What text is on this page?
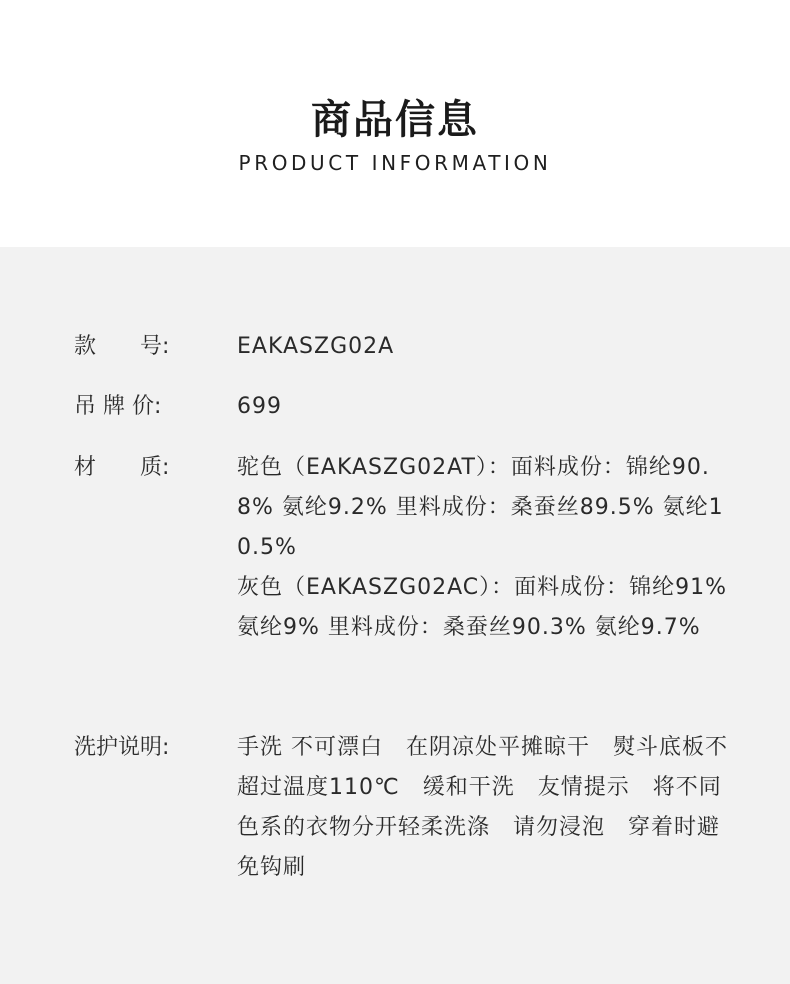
商品信息
PRODUCT INFORMATION
款　　号:	EAKASZG02A
吊 牌 价:	699
材　　质:	驼色（EAKASZG02AT）：面料成份：锦纶90.8% 氨纶9.2% 里料成份：桑蚕丝89.5% 氨纶10.5%
灰色（EAKASZG02AC）：面料成份：锦纶91% 氨纶9% 里料成份：桑蚕丝90.3% 氨纶9.7%
洗护说明:	手洗 不可漂白　在阴凉处平摊晾干　熨斗底板不超过温度110℃　缓和干洗　友情提示　将不同色系的衣物分开轻柔洗涤　请勿浸泡　穿着时避免钩刷
